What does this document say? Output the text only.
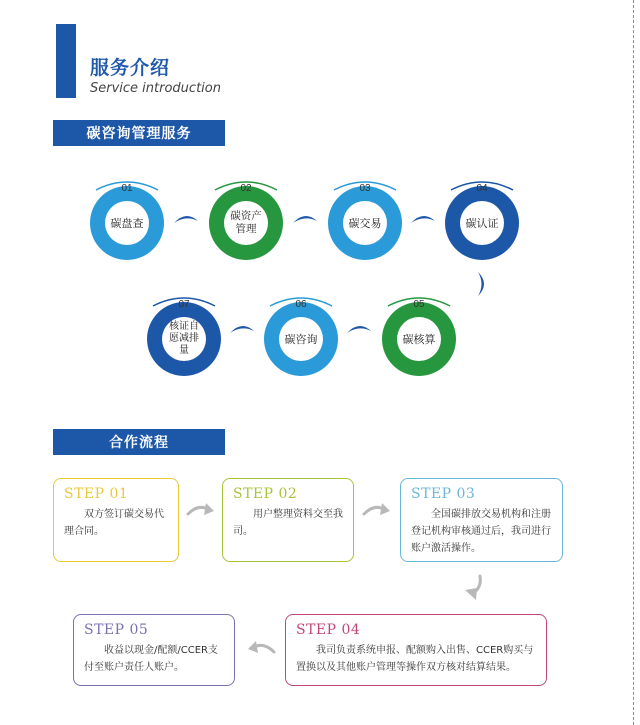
服务介绍
Service introduction
碳咨询管理服务
01
碳盘查
02
碳资产管理
03
碳交易
04
碳认证
05
碳核算
06
碳咨询
07
核证自愿减排量
合作流程
STEP 01
双方签订碳交易代理合同。
STEP 02
用户整理资料交至我司。
STEP 03
全国碳排放交易机构和注册登记机构审核通过后，我司进行账户激活操作。
STEP 04
我司负责系统申报、配额购入出售、CCER购买与置换以及其他账户管理等操作双方核对结算结果。
STEP 05
收益以现金/配额/CCER支付至账户责任人账户。
